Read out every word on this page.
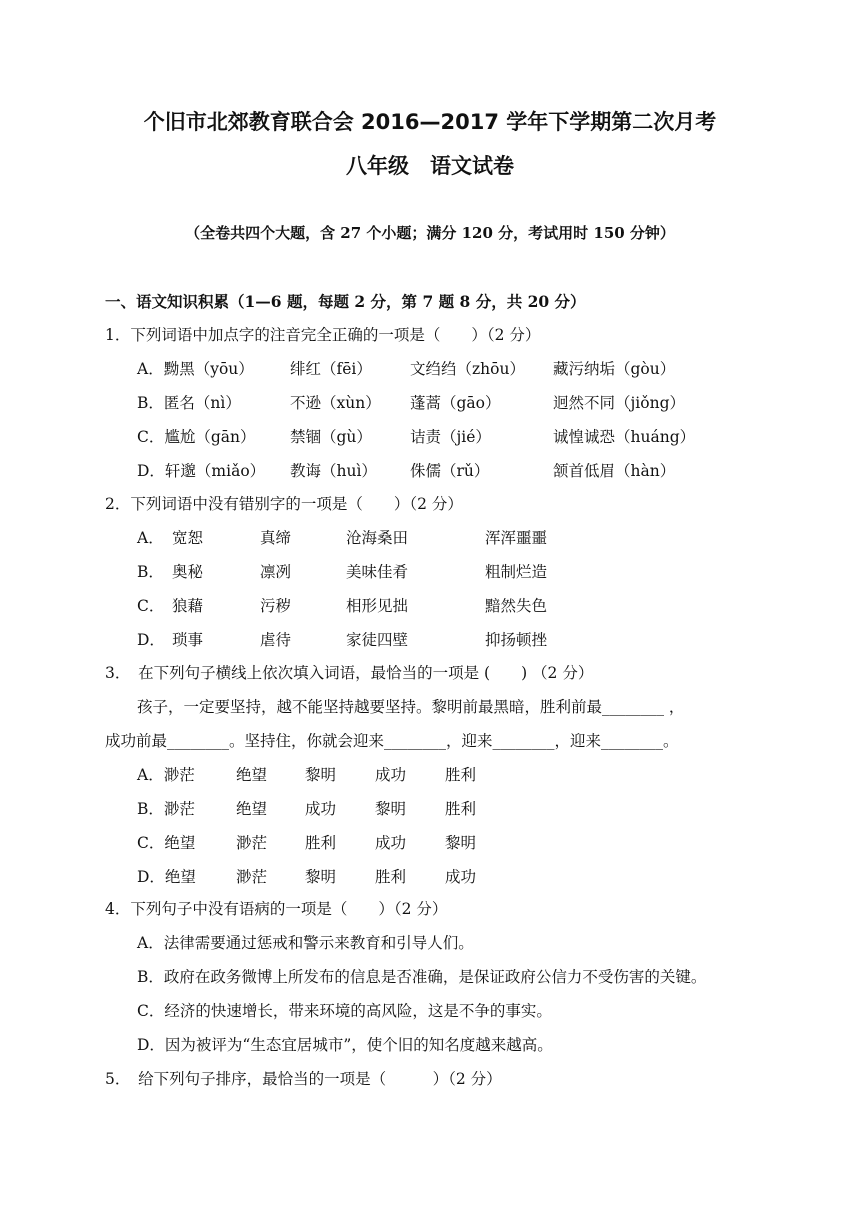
个旧市北郊教育联合会 2016—2017 学年下学期第二次月考
八年级　语文试卷
（全卷共四个大题，含 27 个小题；满分 120 分，考试用时 150 分钟）
一、语文知识积累（1—6 题，每题 2 分，第 7 题 8 分，共 20 分）
1．下列词语中加点字的注音完全正确的一项是（　　）（2 分）
A．黝黑（yōu） 绯红（fēi） 文绉绉（zhōu） 藏污纳垢（gòu）
B．匿名（nì）	不逊（xùn） 蓬蒿（gāo）	迥然不同（jiǒng）
C．尴尬（gān） 禁锢（gù） 诘责（jié）	诚惶诚恐（huáng）
D．轩邈（miǎo） 教诲（huì） 侏儒（rǔ）	颔首低眉（hàn）
2．下列词语中没有错别字的一项是（　　）（2 分）
A． 宽恕	真缔	沧海桑田	浑浑噩噩
B． 奥秘	凛冽	美味佳肴	粗制烂造
C． 狼藉	污秽	相形见拙	黯然失色
D． 琐事	虐待	家徒四壁	抑扬顿挫
3．　在下列句子横线上依次填入词语，最恰当的一项是 (　　) （2 分）
孩子，一定要坚持，越不能坚持越要坚持。黎明前最黑暗，胜利前最________ ，
成功前最________。坚持住，你就会迎来________，迎来________，迎来________。
A．渺茫	绝望 黎明	成功	胜利
B．渺茫	绝望 成功	黎明	胜利
C．绝望	渺茫 胜利	成功	黎明
D．绝望	渺茫 黎明	胜利	成功
4．下列句子中没有语病的一项是（　　）（2 分）
A．法律需要通过惩戒和警示来教育和引导人们。
B．政府在政务微博上所发布的信息是否准确，是保证政府公信力不受伤害的关键。
C．经济的快速增长，带来环境的高风险，这是不争的事实。
D．因为被评为“生态宜居城市”，使个旧的知名度越来越高。
5．　给下列句子排序，最恰当的一项是（　　　）（2 分）
